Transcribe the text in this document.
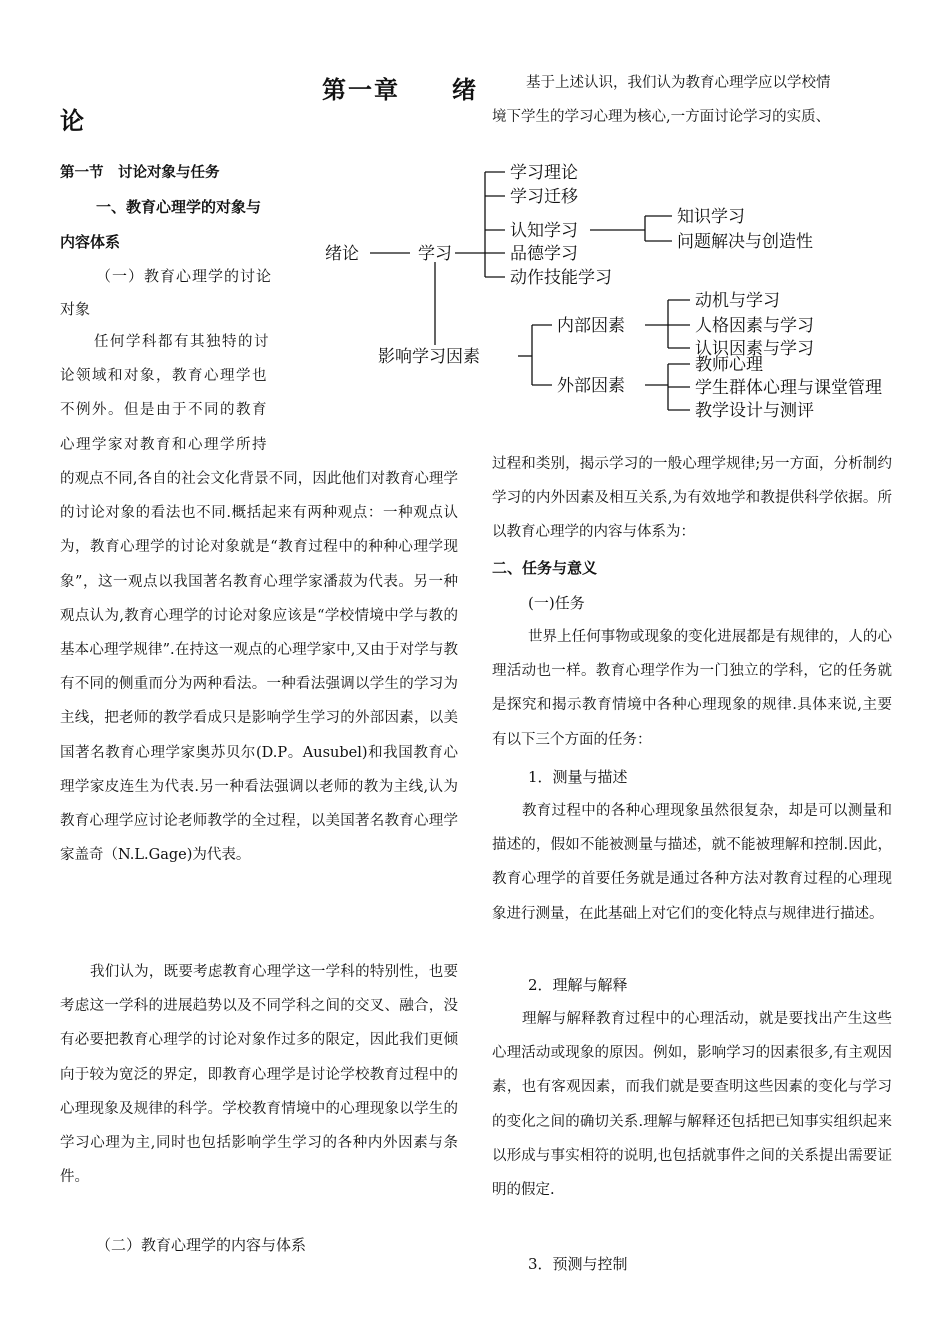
第一章　　绪
论
第一节　讨论对象与任务
一、教育心理学的对象与
内容体系
（一）教育心理学的讨论
对象
任何学科都有其独特的讨
论领域和对象，教育心理学也
不例外。但是由于不同的教育
心理学家对教育和心理学所持
的观点不同,各自的社会文化背景不同，因此他们对教育心理学的讨论对象的看法也不同.概括起来有两种观点：一种观点认为，教育心理学的讨论对象就是“教育过程中的种种心理学现象”，这一观点以我国著名教育心理学家潘菽为代表。另一种观点认为,教育心理学的讨论对象应该是“学校情境中学与教的基本心理学规律”.在持这一观点的心理学家中,又由于对学与教有不同的侧重而分为两种看法。一种看法强调以学生的学习为主线，把老师的教学看成只是影响学生学习的外部因素，以美国著名教育心理学家奥苏贝尔(D.P。Ausubel)和我国教育心理学家皮连生为代表.另一种看法强调以老师的教为主线,认为教育心理学应讨论老师教学的全过程，以美国著名教育心理学家盖奇（N.L.Gage)为代表。
我们认为，既要考虑教育心理学这一学科的特别性，也要考虑这一学科的进展趋势以及不同学科之间的交叉、融合，没有必要把教育心理学的讨论对象作过多的限定，因此我们更倾向于较为宽泛的界定，即教育心理学是讨论学校教育过程中的心理现象及规律的科学。学校教育情境中的心理现象以学生的学习心理为主,同时也包括影响学生学习的各种内外因素与条件。
（二）教育心理学的内容与体系
基于上述认识，我们认为教育心理学应以学校情
境下学生的学习心理为核心,一方面讨论学习的实质、
绪论	学习
学习理论
学习迁移
认知学习
品德学习
动作技能学习
知识学习
问题解决与创造性
影响学习因素
内部因素
外部因素
动机与学习
人格因素与学习
认识因素与学习
教师心理
学生群体心理与课堂管理
教学设计与测评
过程和类别，揭示学习的一般心理学规律;另一方面，分析制约学习的内外因素及相互关系,为有效地学和教提供科学依据。所以教育心理学的内容与体系为：
二、任务与意义
(一)任务
世界上任何事物或现象的变化进展都是有规律的，人的心理活动也一样。教育心理学作为一门独立的学科，它的任务就是探究和揭示教育情境中各种心理现象的规律.具体来说,主要有以下三个方面的任务：
1．测量与描述
教育过程中的各种心理现象虽然很复杂，却是可以测量和描述的，假如不能被测量与描述，就不能被理解和控制.因此，教育心理学的首要任务就是通过各种方法对教育过程的心理现象进行测量，在此基础上对它们的变化特点与规律进行描述。
2．理解与解释
理解与解释教育过程中的心理活动，就是要找出产生这些心理活动或现象的原因。例如，影响学习的因素很多,有主观因素，也有客观因素，而我们就是要查明这些因素的变化与学习的变化之间的确切关系.理解与解释还包括把已知事实组织起来以形成与事实相符的说明,也包括就事件之间的关系提出需要证明的假定.
3．预测与控制
